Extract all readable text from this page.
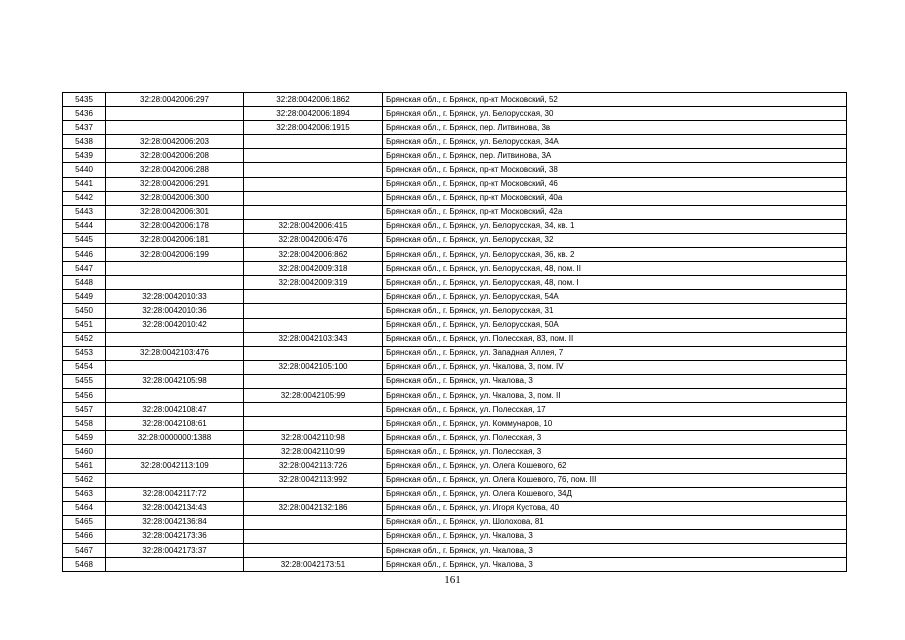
5435	32:28:0042006:297	32:28:0042006:1862	Брянская обл., г. Брянск, пр-кт Московский, 52
5436		32:28:0042006:1894	Брянская обл., г. Брянск, ул. Белорусская, 30
5437		32:28:0042006:1915	Брянская обл., г. Брянск, пер. Литвинова, 3в
5438	32:28:0042006:203		Брянская обл., г. Брянск, ул. Белорусская, 34А
5439	32:28:0042006:208		Брянская обл., г. Брянск, пер. Литвинова, 3А
5440	32:28:0042006:288		Брянская обл., г. Брянск, пр-кт Московский, 38
5441	32:28:0042006:291		Брянская обл., г. Брянск, пр-кт Московский, 46
5442	32:28:0042006:300		Брянская обл., г. Брянск, пр-кт Московский, 40а
5443	32:28:0042006:301		Брянская обл., г. Брянск, пр-кт Московский, 42а
5444	32:28:0042006:178	32:28:0042006:415	Брянская обл., г. Брянск, ул. Белорусская, 34, кв. 1
5445	32:28:0042006:181	32:28:0042006:476	Брянская обл., г. Брянск, ул. Белорусская, 32
5446	32:28:0042006:199	32:28:0042006:862	Брянская обл., г. Брянск, ул. Белорусская, 36, кв. 2
5447		32:28:0042009:318	Брянская обл., г. Брянск, ул. Белорусская, 48, пом. II
5448		32:28:0042009:319	Брянская обл., г. Брянск, ул. Белорусская, 48, пом. I
5449	32:28:0042010:33		Брянская обл., г. Брянск, ул. Белорусская, 54А
5450	32:28:0042010:36		Брянская обл., г. Брянск, ул. Белорусская, 31
5451	32:28:0042010:42		Брянская обл., г. Брянск, ул. Белорусская, 50А
5452		32:28:0042103:343	Брянская обл., г. Брянск, ул. Полесская, 83, пом. II
5453	32:28:0042103:476		Брянская обл., г. Брянск, ул. Западная Аллея, 7
5454		32:28:0042105:100	Брянская обл., г. Брянск, ул. Чкалова, 3, пом. IV
5455	32:28:0042105:98		Брянская обл., г. Брянск, ул. Чкалова, 3
5456		32:28:0042105:99	Брянская обл., г. Брянск, ул. Чкалова, 3, пом. II
5457	32:28:0042108:47		Брянская обл., г. Брянск, ул. Полесская, 17
5458	32:28:0042108:61		Брянская обл., г. Брянск, ул. Коммунаров, 10
5459	32:28:0000000:1388	32:28:0042110:98	Брянская обл., г. Брянск, ул. Полесская, 3
5460		32:28:0042110:99	Брянская обл., г. Брянск, ул. Полесская, 3
5461	32:28:0042113:109	32:28:0042113:726	Брянская обл., г. Брянск, ул. Олега Кошевого, 62
5462		32:28:0042113:992	Брянская обл., г. Брянск, ул. Олега Кошевого, 76, пом. III
5463	32:28:0042117:72		Брянская обл., г. Брянск, ул. Олега Кошевого, 34Д
5464	32:28:0042134:43	32:28:0042132:186	Брянская обл., г. Брянск, ул. Игоря Кустова, 40
5465	32:28:0042136:84		Брянская обл., г. Брянск, ул. Шолохова, 81
5466	32:28:0042173:36		Брянская обл., г. Брянск, ул. Чкалова, 3
5467	32:28:0042173:37		Брянская обл., г. Брянск, ул. Чкалова, 3
5468		32:28:0042173:51	Брянская обл., г. Брянск, ул. Чкалова, 3
161
